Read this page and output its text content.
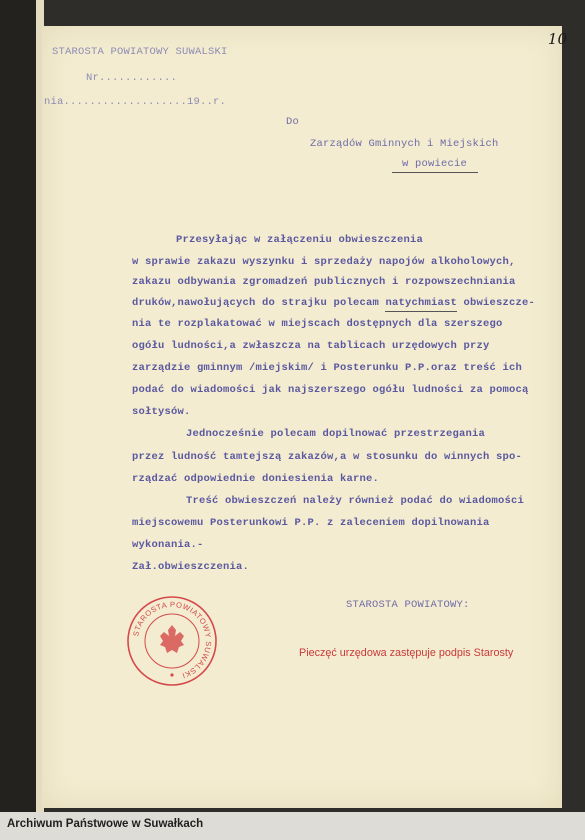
10
STAROSTA POWIATOWY SUWALSKI
Nr............
nia...................19..r.
Do
Zarządów Gminnych i Miejskich
w powiecie
Przesyłając w załączeniu obwieszczenia
w sprawie zakazu wyszynku i sprzedaży napojów alkoholowych,
zakazu odbywania zgromadzeń publicznych i rozpowszechniania
druków,nawołujących do strajku polecam natychmiast obwieszcze-
nia te rozplakatować w miejscach dostępnych dla szerszego
ogółu ludności,a zwłaszcza na tablicach urzędowych przy
zarządzie gminnym /miejskim/ i Posterunku P.P.oraz treść ich
podać do wiadomości jak najszerszego ogółu ludności za pomocą
sołtysów.
Jednocześnie polecam dopilnować przestrzegania
przez ludność tamtejszą zakazów,a w stosunku do winnych spo-
rządzać odpowiednie doniesienia karne.
Treść obwieszczeń należy również podać do wiadomości
miejscowemu Posterunkowi P.P. z zaleceniem dopilnowania
wykonania.-
Zał.obwieszczenia.
STAROSTA POWIATOWY:
STAROSTA POWIATOWY SUWALSKI
Pieczęć urzędowa zastępuje podpis Starosty
Archiwum Państwowe w Suwałkach
